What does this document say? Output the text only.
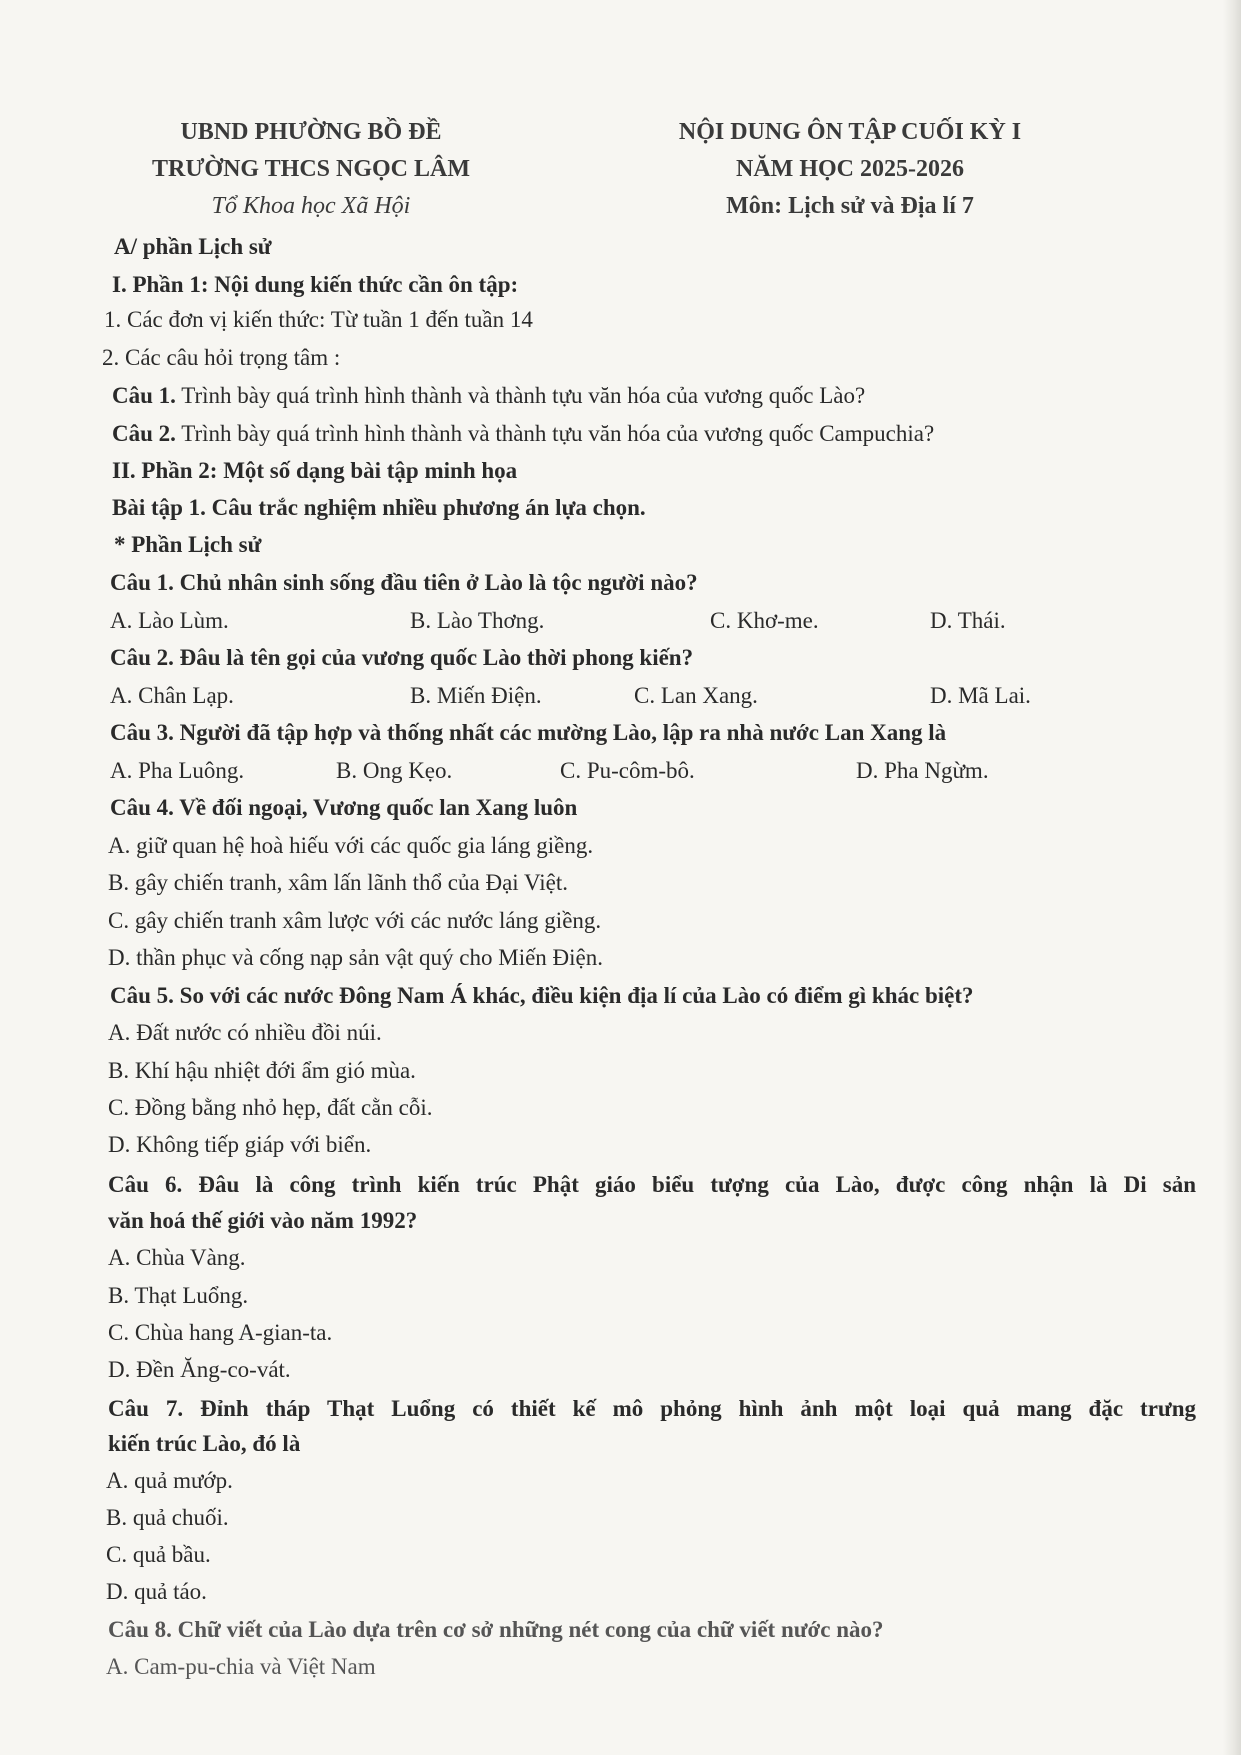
UBND PHƯỜNG BỒ ĐỀ
TRƯỜNG THCS NGỌC LÂM
Tổ Khoa học Xã Hội
NỘI DUNG ÔN TẬP CUỐI KỲ I
NĂM HỌC 2025-2026
Môn: Lịch sử và Địa lí 7
A/ phần Lịch sử
I. Phần 1: Nội dung kiến thức cần ôn tập:
1. Các đơn vị kiến thức: Từ tuần 1 đến tuần 14
2. Các câu hỏi trọng tâm :
Câu 1. Trình bày quá trình hình thành và thành tựu văn hóa của vương quốc Lào?
Câu 2. Trình bày quá trình hình thành và thành tựu văn hóa của vương quốc Campuchia?
II. Phần 2: Một số dạng bài tập minh họa
Bài tập 1. Câu trắc nghiệm nhiều phương án lựa chọn.
* Phần Lịch sử
Câu 1. Chủ nhân sinh sống đầu tiên ở Lào là tộc người nào?
A. Lào Lùm.	B. Lào Thơng.	C. Khơ-me.	D. Thái.
Câu 2. Đâu là tên gọi của vương quốc Lào thời phong kiến?
A. Chân Lạp.	B. Miến Điện.	C. Lan Xang.	D. Mã Lai.
Câu 3. Người đã tập hợp và thống nhất các mường Lào, lập ra nhà nước Lan Xang là
A. Pha Luông.	B. Ong Kẹo.	C. Pu-côm-bô.	D. Pha Ngừm.
Câu 4. Về đối ngoại, Vương quốc lan Xang luôn
A. giữ quan hệ hoà hiếu với các quốc gia láng giềng.
B. gây chiến tranh, xâm lấn lãnh thổ của Đại Việt.
C. gây chiến tranh xâm lược với các nước láng giềng.
D. thần phục và cống nạp sản vật quý cho Miến Điện.
Câu 5. So với các nước Đông Nam Á khác, điều kiện địa lí của Lào có điểm gì khác biệt?
A. Đất nước có nhiều đồi núi.
B. Khí hậu nhiệt đới ẩm gió mùa.
C. Đồng bằng nhỏ hẹp, đất cằn cỗi.
D. Không tiếp giáp với biển.
Câu 6. Đâu là công trình kiến trúc Phật giáo biểu tượng của Lào, được công nhận là Di sản
văn hoá thế giới vào năm 1992?
A. Chùa Vàng.
B. Thạt Luổng.
C. Chùa hang A-gian-ta.
D. Đền Ăng-co-vát.
Câu 7. Đỉnh tháp Thạt Luổng có thiết kế mô phỏng hình ảnh một loại quả mang đặc trưng
kiến trúc Lào, đó là
A. quả mướp.
B. quả chuối.
C. quả bầu.
D. quả táo.
Câu 8. Chữ viết của Lào dựa trên cơ sở những nét cong của chữ viết nước nào?
A. Cam-pu-chia và Việt Nam
